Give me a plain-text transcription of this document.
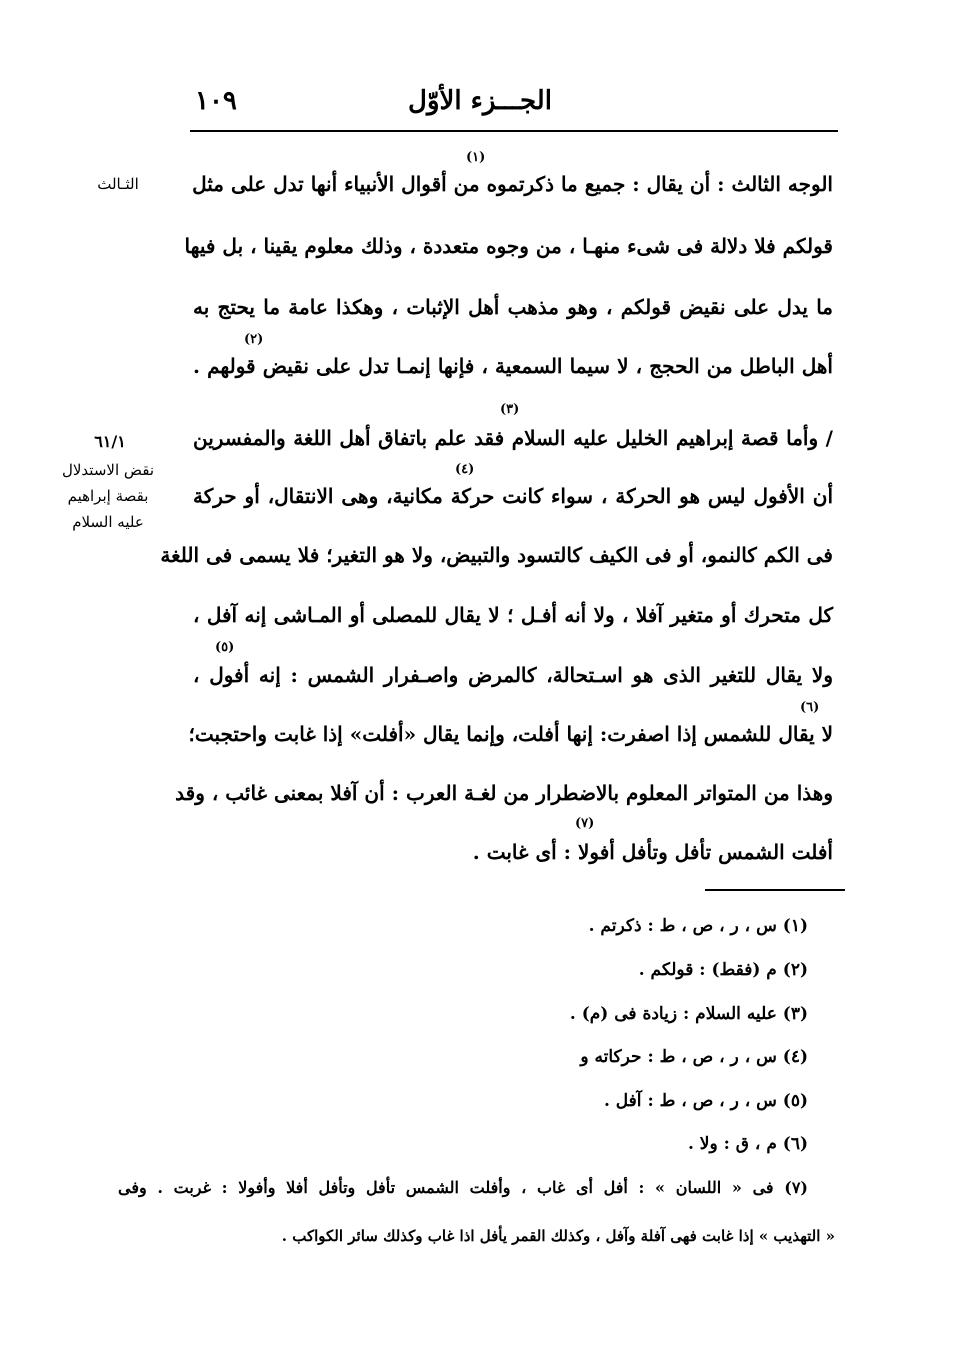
الجـــزء الأوّل
١٠٩
الثـالث
٦١/١
نقض الاستدلال
بقصة إبراهيم
عليه السلام
الوجه الثالث : أن يقال : جميع ما ذكرتموه من أقوال الأنبياء أنها تدل على مثل
قولكم فلا دلالة فى شىء منهـا ، من وجوه متعددة ، وذلك معلوم يقينا ، بل فيها
ما يدل على نقيض قولكم ، وهو مذهب أهل الإثبات ، وهكذا عامة ما يحتج به
أهل الباطل من الحجج ، لا سيما السمعية ، فإنها إنمـا تدل على نقيض قولهم .
/ وأما قصة إبراهيم الخليل عليه السلام فقد علم باتفاق أهل اللغة والمفسرين
أن الأفول ليس هو الحركة ، سواء كانت حركة مكانية، وهى الانتقال، أو حركة
فى الكم كالنمو، أو فى الكيف كالتسود والتبيض، ولا هو التغير؛ فلا يسمى فى اللغة
كل متحرك أو متغير آفلا ، ولا أنه أفـل ؛ لا يقال للمصلى أو المـاشى إنه آفل ،
ولا يقال للتغير الذى هو اسـتحالة، كالمرض واصـفرار الشمس : إنه أفول ،
لا يقال للشمس إذا اصفرت: إنها أفلت، وإنما يقال «أفلت» إذا غابت واحتجبت؛
وهذا من المتواتر المعلوم بالاضطرار من لغـة العرب : أن آفلا بمعنى غائب ، وقد
أفلت الشمس تأفل وتأفل أفولا : أى غابت .
(١)
(٢)
(٣)
(٤)
(٥)
(٦)
(٧)
(١) س ، ر ، ص ، ط : ذكرتم .
(٢) م (فقط) : قولكم .
(٣) عليه السلام : زيادة فى (م) .
(٤) س ، ر ، ص ، ط : حركاته و
(٥) س ، ر ، ص ، ط : آفل .
(٦) م ، ق : ولا .
(٧) فى « اللسان » : أفل أى غاب ، وأفلت الشمس تأفل وتأفل أفلا وأفولا : غربت . وفى
« التهذيب » إذا غابت فهى آفلة وآفل ، وكذلك القمر يأفل اذا غاب وكذلك سائر الكواكب .
